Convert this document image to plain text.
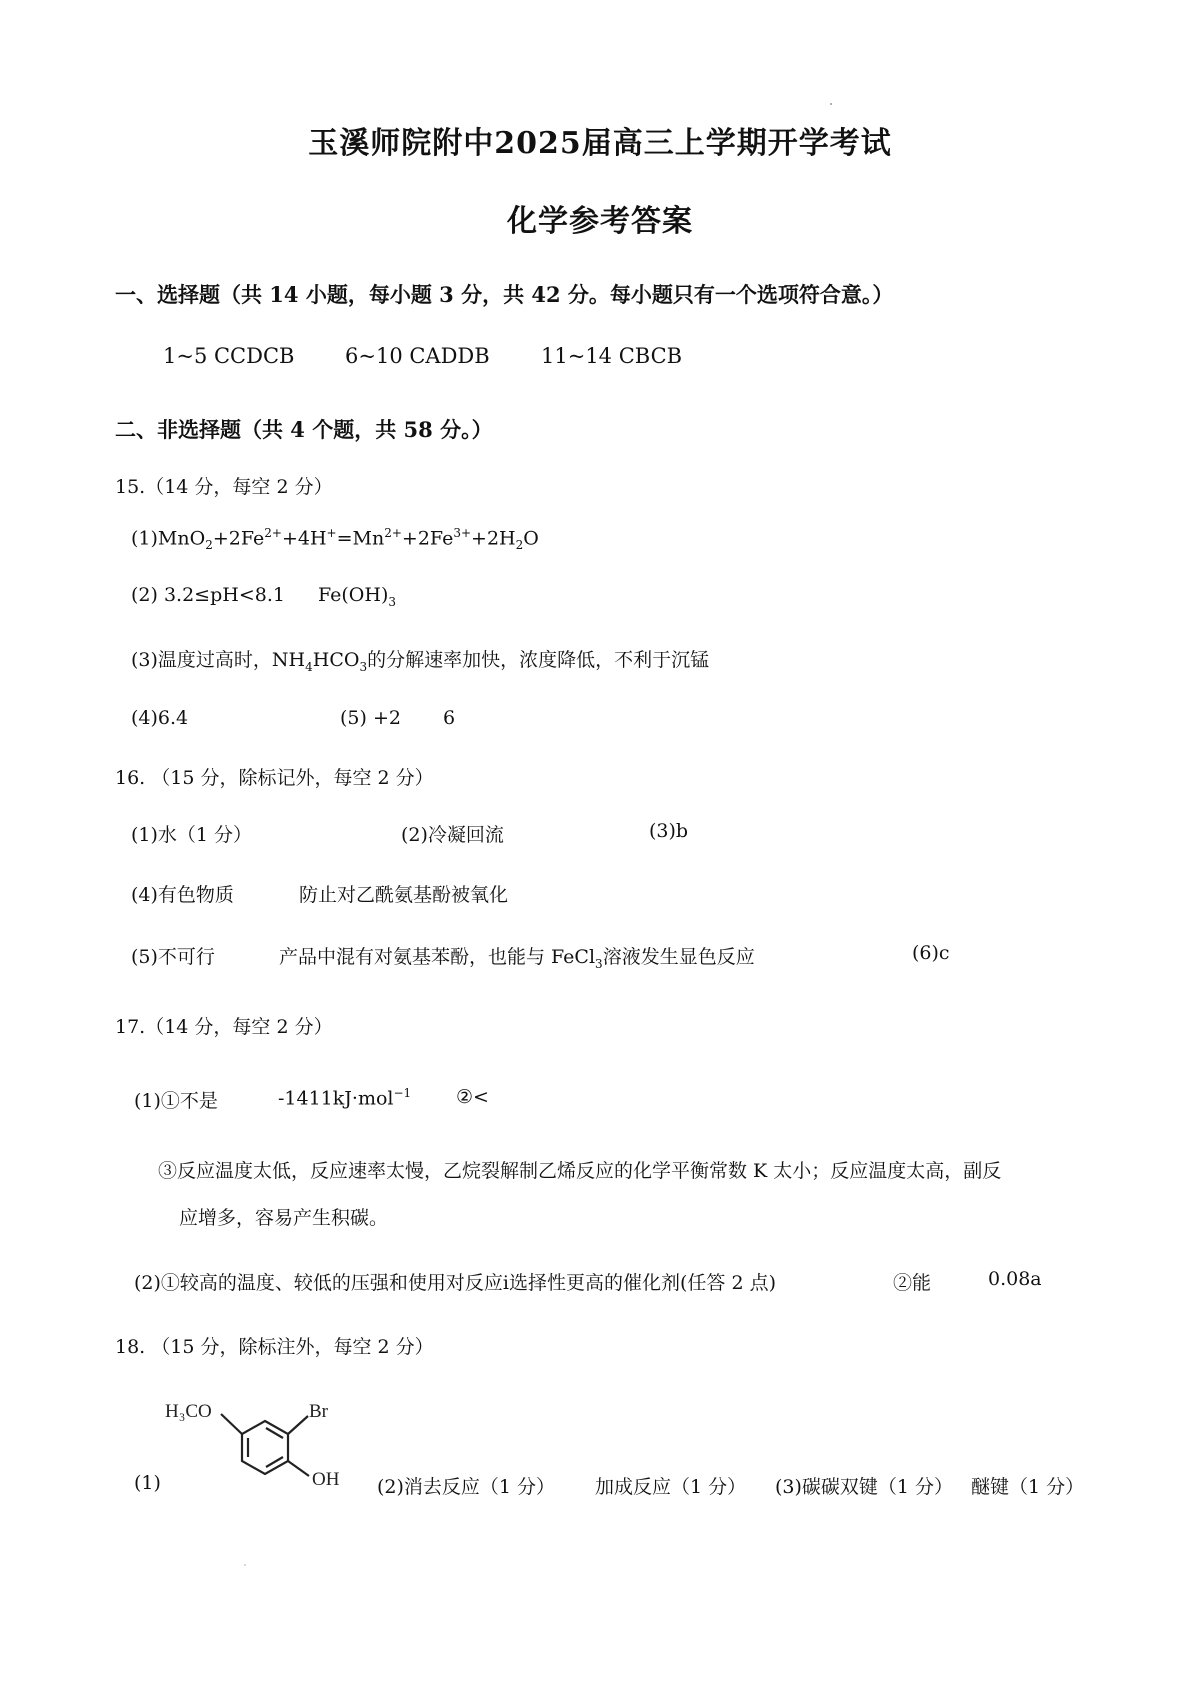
玉溪师院附中2025届高三上学期开学考试
化学参考答案
一、选择题（共 14 小题，每小题 3 分，共 42 分。每小题只有一个选项符合意。）
1~5 CCDCB 6~10 CADDB 11~14 CBCB
二、非选择题（共 4 个题，共 58 分。）
15.（14 分，每空 2 分）
$(1)MnO_2+2Fe^{2+}+4H^+=Mn^{2+}+2Fe^{3+}+2H_2O$
(2) 3.2≤pH<8.1 $Fe(OH)_3$
(3)温度过高时，$NH_4HCO_3$的分解速率加快，浓度降低，不利于沉锰
(4)6.4	(5) +2 6
16. （15 分，除标记外，每空 2 分）
(1)水（1 分）	(2)冷凝回流	(3)b
(4)有色物质	防止对乙酰氨基酚被氧化
(5)不可行	产品中混有对氨基苯酚，也能与 FeCl$_3$溶液发生显色反应	(6)c
17.（14 分，每空 2 分）
(1)①不是	-1411kJ·mol$^{-1}$ ②<
③反应温度太低，反应速率太慢，乙烷裂解制乙烯反应的化学平衡常数 K 太小；反应温度太高，副反
应增多，容易产生积碳。
(2)①较高的温度、较低的压强和使用对反应i选择性更高的催化剂(任答 2 点)	②能	0.08a
18. （15 分，除标注外，每空 2 分）
(1)
H₃CO	Br
OH (2)消去反应（1 分） 加成反应（1 分） (3)碳碳双键（1 分） 醚键（1 分）
